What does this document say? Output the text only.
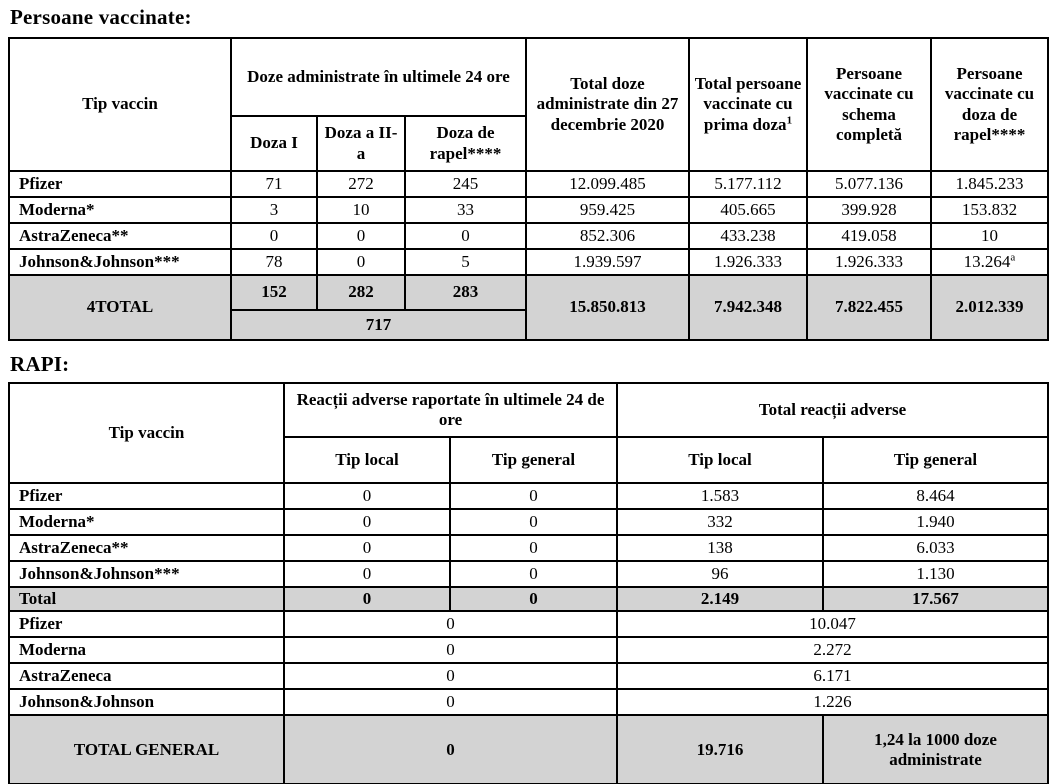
Persoane vaccinate:
Tip vaccin	Doze administrate în ultimele 24 ore			Total doze administrate din 27 decembrie 2020	Total persoane vaccinate cu prima doza$^1$	Persoane vaccinate cu schema completă	Persoane vaccinate cu doza de rapel****
	Doza I	Doza a II-a	Doza de rapel****				
Pfizer	71	272	245	12.099.485	5.177.112	5.077.136	1.845.233
Moderna*	3	10	33	959.425	405.665	399.928	153.832
AstraZeneca**	0	0	0	852.306	433.238	419.058	10
Johnson&Johnson***	78	0	5	1.939.597	1.926.333	1.926.333	13.264$^a$
4TOTAL	152	282	283	15.850.813	7.942.348	7.822.455	2.012.339
	717						
RAPI:
Tip vaccin	Reacții adverse raportate în ultimele 24 de ore		Total reacții adverse	
	Tip local	Tip general	Tip local	Tip general
Pfizer	0	0	1.583	8.464
Moderna*	0	0	332	1.940
AstraZeneca**	0	0	138	6.033
Johnson&Johnson***	0	0	96	1.130
Total	0	0	2.149	17.567
Pfizer	0		10.047	
Moderna	0		2.272	
AstraZeneca	0		6.171	
Johnson&Johnson	0		1.226	
TOTAL GENERAL	0		19.716	1,24 la 1000 doze administrate
